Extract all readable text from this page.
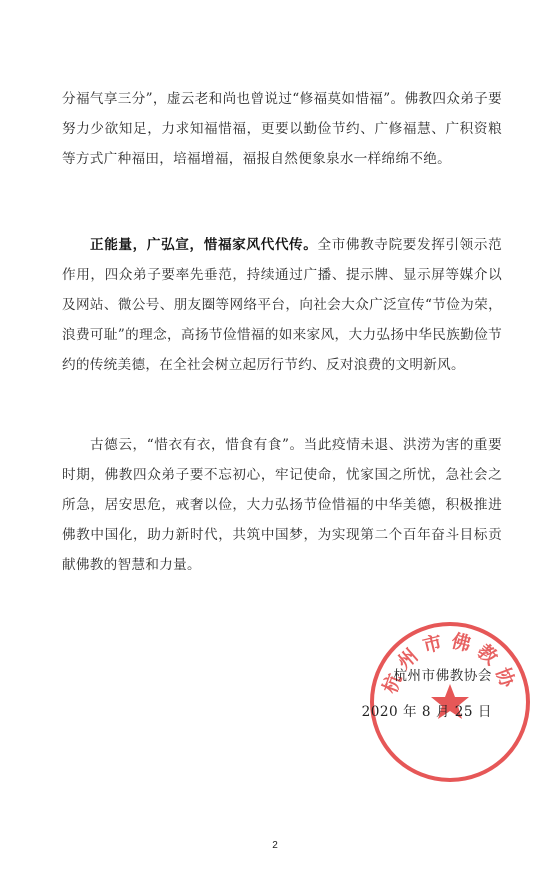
分福气享三分”，虚云老和尚也曾说过“修福莫如惜福”。佛教四众弟子要努力少欲知足，力求知福惜福，更要以勤俭节约、广修福慧、广积资粮等方式广种福田，培福增福，福报自然便象泉水一样绵绵不绝。

正能量，广弘宣，惜福家风代代传。全市佛教寺院要发挥引领示范作用，四众弟子要率先垂范，持续通过广播、提示牌、显示屏等媒介以及网站、微公号、朋友圈等网络平台，向社会大众广泛宣传“节俭为荣，浪费可耻”的理念，高扬节俭惜福的如来家风，大力弘扬中华民族勤俭节约的传统美德，在全社会树立起厉行节约、反对浪费的文明新风。

古德云，“惜衣有衣，惜食有食”。当此疫情未退、洪涝为害的重要时期，佛教四众弟子要不忘初心，牢记使命，忧家国之所忧，急社会之所急，居安思危，戒奢以俭，大力弘扬节俭惜福的中华美德，积极推进佛教中国化，助力新时代，共筑中国梦，为实现第二个百年奋斗目标贡献佛教的智慧和力量。

杭州市佛教协会
杭州市佛教协会
2020 年 8 月 25 日
2
